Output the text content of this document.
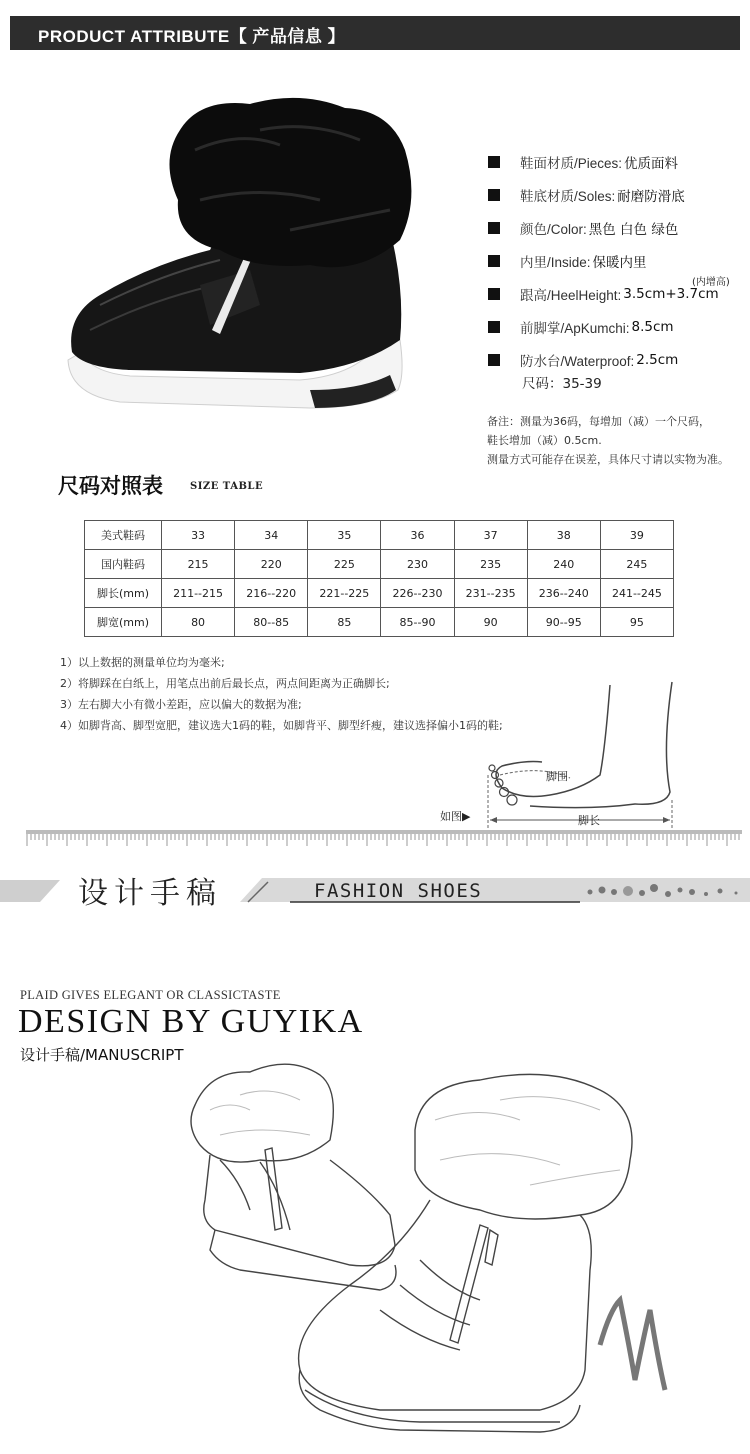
PRODUCT ATTRIBUTE【 产品信息 】
鞋面材质/Pieces: 优质面料
鞋底材质/Soles: 耐磨防滑底
颜色/Color: 黑色 白色 绿色
内里/Inside: 保暖内里
跟高/HeelHeight: 3.5cm+3.7cm
(内增高)
前脚掌/ApKumchi: 8.5cm
防水台/Waterproof: 2.5cm
尺码：35-39
备注：测量为36码，每增加（减）一个尺码，
鞋长增加（减）0.5cm.
测量方式可能存在误差，具体尺寸请以实物为准。
尺码对照表	SIZE TABLE
美式鞋码	33	34	35	36	37	38	39
国内鞋码	215	220	225	230	235	240	245
脚长(mm)	211--215	216--220	221--225	226--230	231--235	236--240	241--245
脚宽(mm)	80	80--85	85	85--90	90	90--95	95
1）以上数据的测量单位均为毫米;
2）将脚踩在白纸上，用笔点出前后最长点，两点间距离为正确脚长;
3）左右脚大小有微小差距，应以偏大的数据为准;
4）如脚背高、脚型宽肥，建议选大1码的鞋，如脚背平、脚型纤瘦，建议选择偏小1码的鞋;
脚围
脚长
如图▶
设计手稿	FASHION SHOES
PLAID GIVES ELEGANT OR CLASSICTASTE
DESIGN BY GUYIKA
设计手稿/MANUSCRIPT
